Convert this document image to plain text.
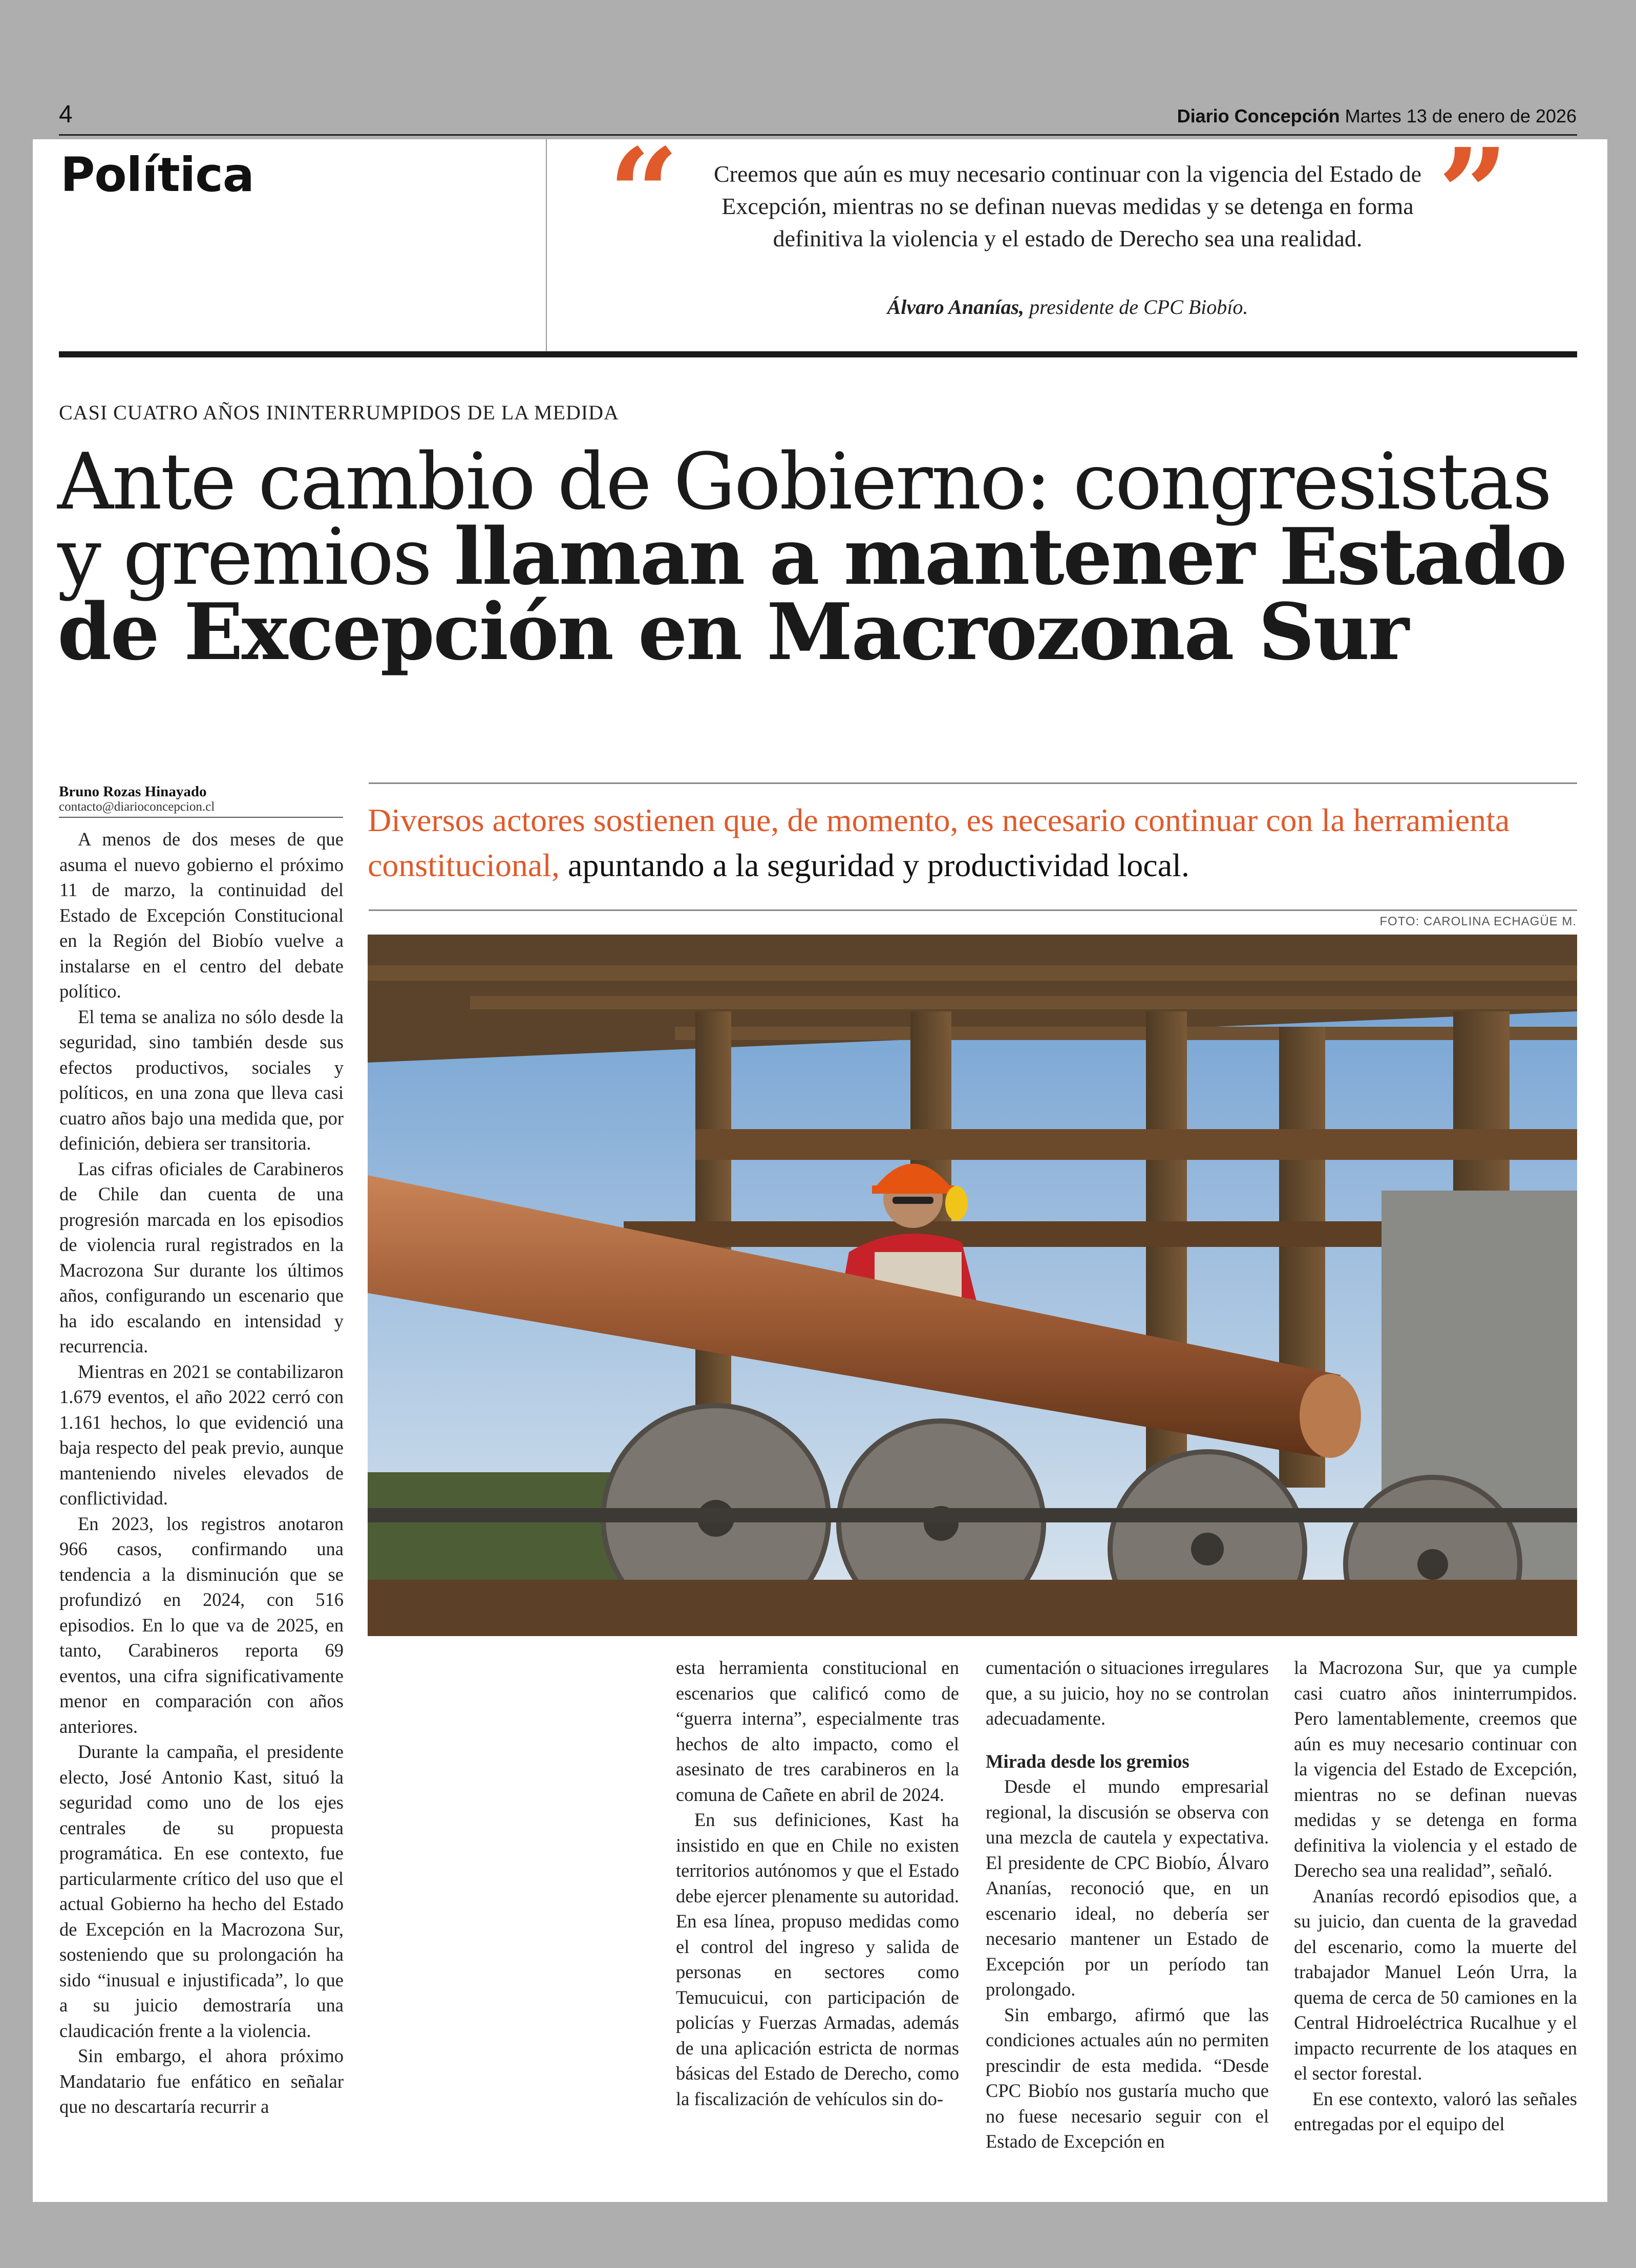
4	Diario Concepción Martes 13 de enero de 2026
Política	“	”
Creemos que aún es muy necesario continuar con la vigencia del Estado de Excepción, mientras no se definan nuevas medidas y se detenga en forma definitiva la violencia y el estado de Derecho sea una realidad.
Álvaro Ananías, presidente de CPC Biobío.
CASI CUATRO AÑOS ININTERRUMPIDOS DE LA MEDIDA
Ante cambio de Gobierno: congresistas y gremios llaman a mantener Estado de Excepción en Macrozona Sur
Bruno Rozas Hinayado
contacto@diarioconcepcion.cl	Diversos actores sostienen que, de momento, es necesario continuar con la herramienta constitucional, apuntando a la seguridad y productividad local.
FOTO: CAROLINA ECHAGÜE M.

A menos de dos meses de que asuma el nuevo gobierno el próximo 11 de marzo, la continuidad del Estado de Excepción Constitucional en la Región del Biobío vuelve a instalarse en el centro del debate político.

El tema se analiza no sólo desde la seguridad, sino también desde sus efectos productivos, sociales y políticos, en una zona que lleva casi cuatro años bajo una medida que, por definición, debiera ser transitoria.

Las cifras oficiales de Carabineros de Chile dan cuenta de una progresión marcada en los episodios de violencia rural registrados en la Macrozona Sur durante los últimos años, configurando un escenario que ha ido escalando en intensidad y recurrencia.

Mientras en 2021 se contabilizaron 1.679 eventos, el año 2022 cerró con 1.161 hechos, lo que evidenció una baja respecto del peak previo, aunque manteniendo niveles elevados de conflictividad.

En 2023, los registros anotaron 966 casos, confirmando una tendencia a la disminución que se profundizó en 2024, con 516 episodios. En lo que va de 2025, en tanto, Carabineros reporta 69 eventos, una cifra significativamente menor en comparación con años anteriores.

Durante la campaña, el presidente electo, José Antonio Kast, situó la seguridad como uno de los ejes centrales de su propuesta programática. En ese contexto, fue particularmente crítico del uso que el actual Gobierno ha hecho del Estado de Excepción en la Macrozona Sur, sosteniendo que su prolongación ha sido “inusual e injustificada”, lo que a su juicio demostraría una claudicación frente a la violencia.

Sin embargo, el ahora próximo Mandatario fue enfático en señalar que no descartaría recurrir a

esta herramienta constitucional en escenarios que calificó como de “guerra interna”, especialmente tras hechos de alto impacto, como el asesinato de tres carabineros en la comuna de Cañete en abril de 2024.

En sus definiciones, Kast ha insistido en que en Chile no existen territorios autónomos y que el Estado debe ejercer plenamente su autoridad. En esa línea, propuso medidas como el control del ingreso y salida de personas en sectores como Temucuicui, con participación de policías y Fuerzas Armadas, además de una aplicación estricta de normas básicas del Estado de Derecho, como la fiscalización de vehículos sin do-

cumentación o situaciones irregulares que, a su juicio, hoy no se controlan adecuadamente.

Mirada desde los gremios

Desde el mundo empresarial regional, la discusión se observa con una mezcla de cautela y expectativa. El presidente de CPC Biobío, Álvaro Ananías, reconoció que, en un escenario ideal, no debería ser necesario mantener un Estado de Excepción por un período tan prolongado.

Sin embargo, afirmó que las condiciones actuales aún no permiten prescindir de esta medida. “Desde CPC Biobío nos gustaría mucho que no fuese necesario seguir con el Estado de Excepción en

la Macrozona Sur, que ya cumple casi cuatro años ininterrumpidos. Pero lamentablemente, creemos que aún es muy necesario continuar con la vigencia del Estado de Excepción, mientras no se definan nuevas medidas y se detenga en forma definitiva la violencia y el estado de Derecho sea una realidad”, señaló.

Ananías recordó episodios que, a su juicio, dan cuenta de la gravedad del escenario, como la muerte del trabajador Manuel León Urra, la quema de cerca de 50 camiones en la Central Hidroeléctrica Rucalhue y el impacto recurrente de los ataques en el sector forestal.

En ese contexto, valoró las señales entregadas por el equipo del
